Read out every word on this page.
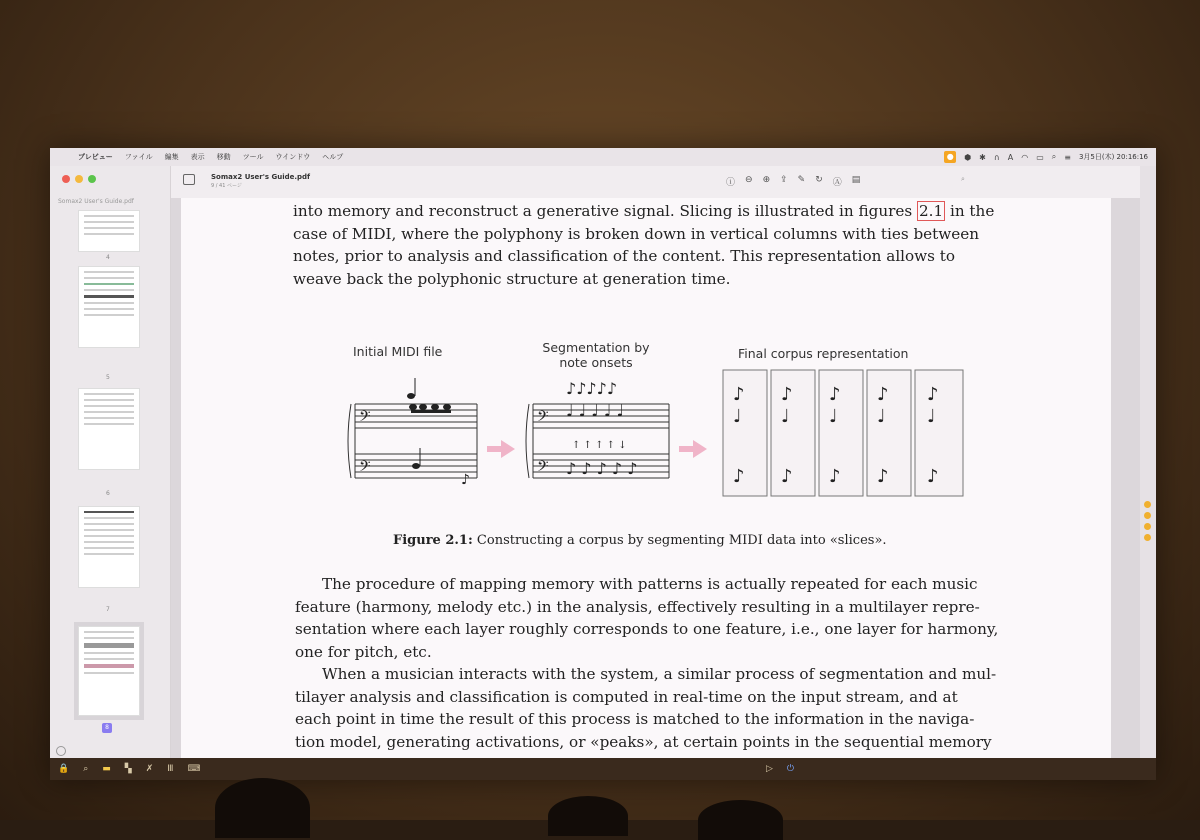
プレビュー ファイル 編集 表示 移動 ツール ウインドウ ヘルプ	●	⬢ ✱ ∩ A ◠ ▭ ⌕ ≡ 3月5日(木) 20:16:16
Somax2 User's Guide.pdf
4
5
6
7
8
Somax2 User's Guide.pdf
9 / 41 ページ	ⓘ ⊖ ⊕ ⇪ ✎ ↻ Ⓐ ▤	⌕
into memory and reconstruct a generative signal. Slicing is illustrated in figures 2.1 in the
case of MIDI, where the polyphony is broken down in vertical columns with ties between
notes, prior to analysis and classification of the content. This representation allows to
weave back the polyphonic structure at generation time.
Initial MIDI file	Segmentation by
note onsets
Final corpus representation
𝄢
𝄢
♪
𝄢
𝄢
♪♪♪♪♪
♩ ♩ ♩ ♩ ♩
↑ ↑ ↑ ↑ ↓
♪ ♪ ♪ ♪ ♪
♪ ♪ ♪ ♪ ♪
♩ ♩ ♩ ♩ ♩
♪ ♪ ♪ ♪ ♪
Figure 2.1: Constructing a corpus by segmenting MIDI data into «slices».
The procedure of mapping memory with patterns is actually repeated for each music
feature (harmony, melody etc.) in the analysis, effectively resulting in a multilayer repre-
sentation where each layer roughly corresponds to one feature, i.e., one layer for harmony,
one for pitch, etc.
When a musician interacts with the system, a similar process of segmentation and mul-
tilayer analysis and classification is computed in real-time on the input stream, and at
each point in time the result of this process is matched to the information in the naviga-
tion model, generating activations, or «peaks», at certain points in the sequential memory
🔒 ⌕ ▬ ▚ ✗ Ⅲ ⌨	▷ ⏻
